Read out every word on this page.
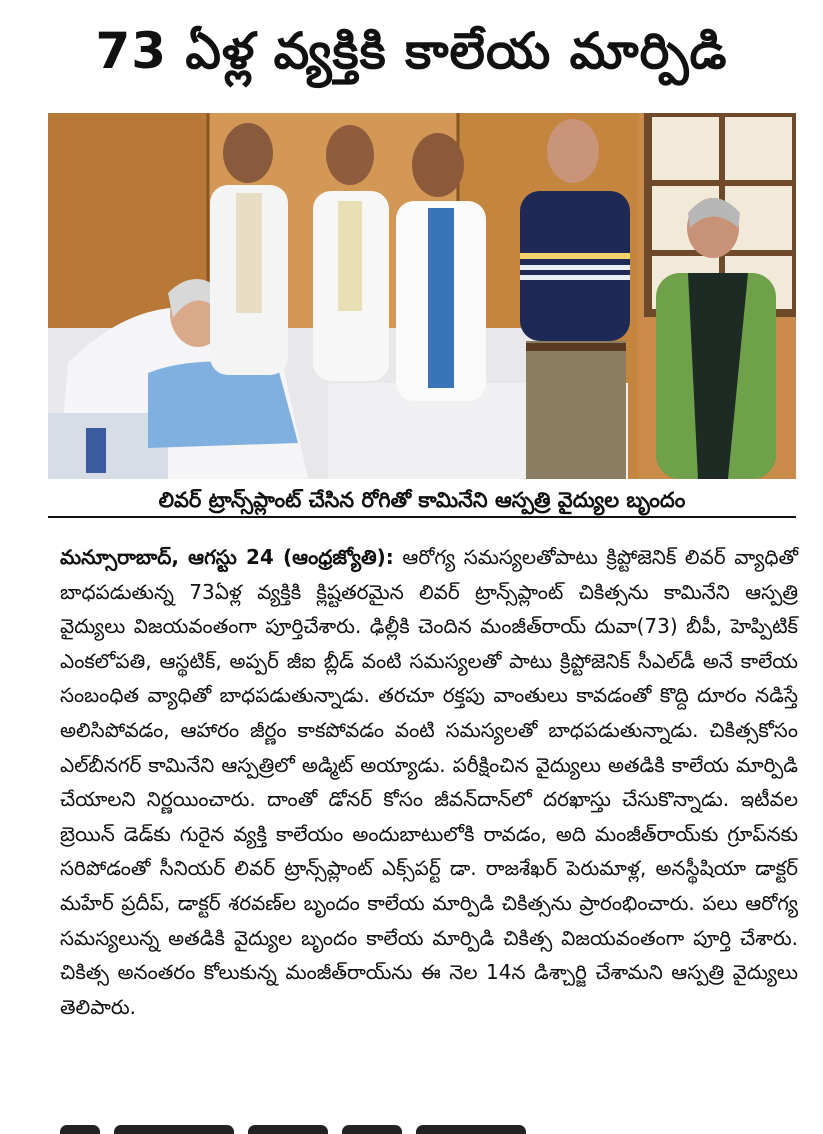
73 ఏళ్ల వ్యక్తికి కాలేయ మార్పిడి
లివర్ ట్రాన్స్‌ప్లాంట్ చేసిన రోగితో కామినేని ఆస్పత్రి వైద్యుల బృందం
మన్సూరాబాద్, ఆగస్టు 24 (ఆంధ్రజ్యోతి): ఆరోగ్య సమస్యలతోపాటు క్రిప్టోజెనిక్ లివర్ వ్యాధితో బాధపడుతున్న 73ఏళ్ల వ్యక్తికి క్లిష్టతరమైన లివర్ ట్రాన్స్‌ప్లాంట్ చికిత్సను కామినేని ఆస్పత్రి వైద్యులు విజయవంతంగా పూర్తిచేశారు. ఢిల్లీకి చెందిన మంజీత్‌రాయ్ దువా(73) బీపీ, హెప్పిటిక్ ఎంకలోపతి, ఆస్థటిక్, అప్పర్ జీఐ బ్లీడ్ వంటి సమస్యలతో పాటు క్రిప్టోజెనిక్ సీఎల్‌డీ అనే కాలేయ సంబంధిత వ్యాధితో బాధపడుతున్నాడు. తరచూ రక్తపు వాంతులు కావడంతో కొద్ది దూరం నడిస్తే అలిసిపోవడం, ఆహారం జీర్ణం కాకపోవడం వంటి సమస్యలతో బాధపడుతున్నాడు. చికిత్సకోసం ఎల్‌బీనగర్ కామినేని ఆస్పత్రిలో అడ్మిట్ అయ్యాడు. పరీక్షించిన వైద్యులు అతడికి కాలేయ మార్పిడి చేయాలని నిర్ణయించారు. దాంతో డోనర్ కోసం జీవన్‌దాన్‌లో దరఖాస్తు చేసుకొన్నాడు. ఇటీవల బ్రెయిన్ డెడ్‌కు గురైన వ్యక్తి కాలేయం అందుబాటులోకి రావడం, అది మంజీత్‌రాయ్‌కు గ్రూప్‌నకు సరిపోడంతో సీనియర్ లివర్ ట్రాన్స్‌ప్లాంట్ ఎక్స్‌పర్ట్ డా. రాజశేఖర్ పెరుమాళ్ల, అనస్థీషియా డాక్టర్ మహేర్ ప్రదీప్, డాక్టర్ శరవణ్‌ల బృందం కాలేయ మార్పిడి చికిత్సను ప్రారంభించారు. పలు ఆరోగ్య సమస్యలున్న అతడికి వైద్యుల బృందం కాలేయ మార్పిడి చికిత్స విజయవంతంగా పూర్తి చేశారు. చికిత్స అనంతరం కోలుకున్న మంజీత్‌రాయ్‌ను ఈ నెల 14న డిశ్చార్జి చేశామని ఆస్పత్రి వైద్యులు తెలిపారు.
